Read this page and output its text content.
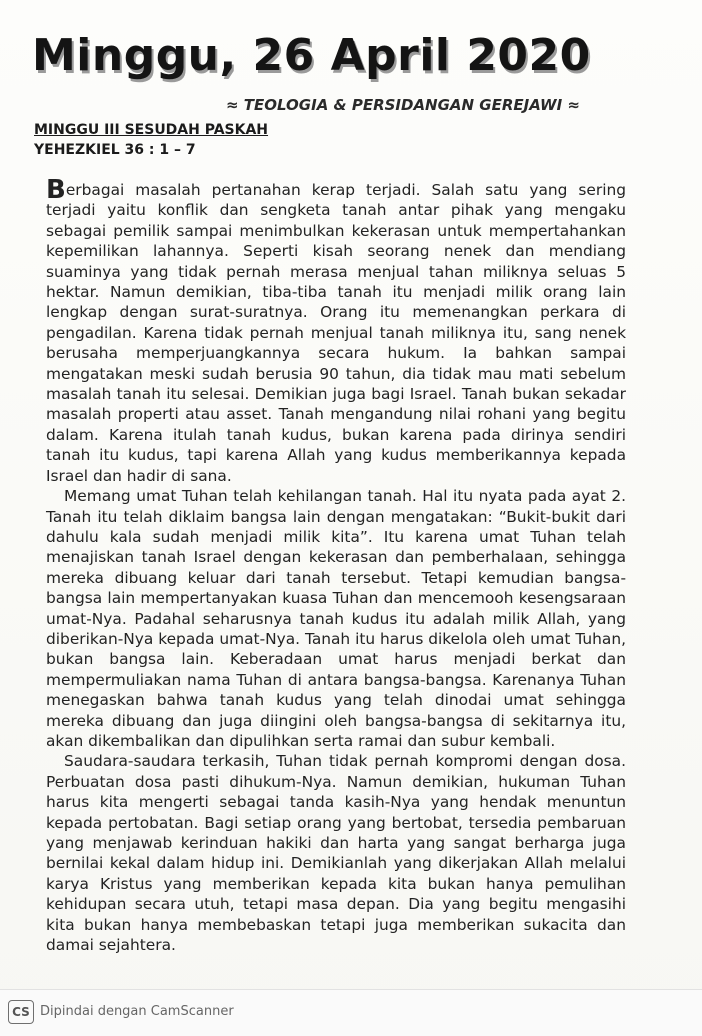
Minggu, 26 April 2020
≈ TEOLOGIA & PERSIDANGAN GEREJAWI ≈
MINGGU III SESUDAH PASKAH
YEHEZKIEL 36 : 1 – 7

Berbagai masalah pertanahan kerap terjadi. Salah satu yang sering terjadi yaitu konflik dan sengketa tanah antar pihak yang mengaku sebagai pemilik sampai menimbulkan kekerasan untuk mempertahankan kepemilikan lahannya. Seperti kisah seorang nenek dan mendiang suaminya yang tidak pernah merasa menjual tahan miliknya seluas 5 hektar. Namun demikian, tiba-tiba tanah itu menjadi milik orang lain lengkap dengan surat-suratnya. Orang itu memenangkan perkara di pengadilan. Karena tidak pernah menjual tanah miliknya itu, sang nenek berusaha memperjuangkannya secara hukum. Ia bahkan sampai mengatakan meski sudah berusia 90 tahun, dia tidak mau mati sebelum masalah tanah itu selesai. Demikian juga bagi Israel. Tanah bukan sekadar masalah properti atau asset. Tanah mengandung nilai rohani yang begitu dalam. Karena itulah tanah kudus, bukan karena pada dirinya sendiri tanah itu kudus, tapi karena Allah yang kudus memberikannya kepada Israel dan hadir di sana.

Memang umat Tuhan telah kehilangan tanah. Hal itu nyata pada ayat 2. Tanah itu telah diklaim bangsa lain dengan mengatakan: “Bukit-bukit dari dahulu kala sudah menjadi milik kita”. Itu karena umat Tuhan telah menajiskan tanah Israel dengan kekerasan dan pemberhalaan, sehingga mereka dibuang keluar dari tanah tersebut. Tetapi kemudian bangsa-bangsa lain mempertanyakan kuasa Tuhan dan mencemooh kesengsaraan umat-Nya. Padahal seharusnya tanah kudus itu adalah milik Allah, yang diberikan-Nya kepada umat-Nya. Tanah itu harus dikelola oleh umat Tuhan, bukan bangsa lain. Keberadaan umat harus menjadi berkat dan mempermuliakan nama Tuhan di antara bangsa-bangsa. Karenanya Tuhan menegaskan bahwa tanah kudus yang telah dinodai umat sehingga mereka dibuang dan juga diingini oleh bangsa-bangsa di sekitarnya itu, akan dikembalikan dan dipulihkan serta ramai dan subur kembali.

Saudara-saudara terkasih, Tuhan tidak pernah kompromi dengan dosa. Perbuatan dosa pasti dihukum-Nya. Namun demikian, hukuman Tuhan harus kita mengerti sebagai tanda kasih-Nya yang hendak menuntun kepada pertobatan. Bagi setiap orang yang bertobat, tersedia pembaruan yang menjawab kerinduan hakiki dan harta yang sangat berharga juga bernilai kekal dalam hidup ini. Demikianlah yang dikerjakan Allah melalui karya Kristus yang memberikan kepada kita bukan hanya pemulihan kehidupan secara utuh, tetapi masa depan. Dia yang begitu mengasihi kita bukan hanya membebaskan tetapi juga memberikan sukacita dan damai sejahtera.

CS Dipindai dengan CamScanner
